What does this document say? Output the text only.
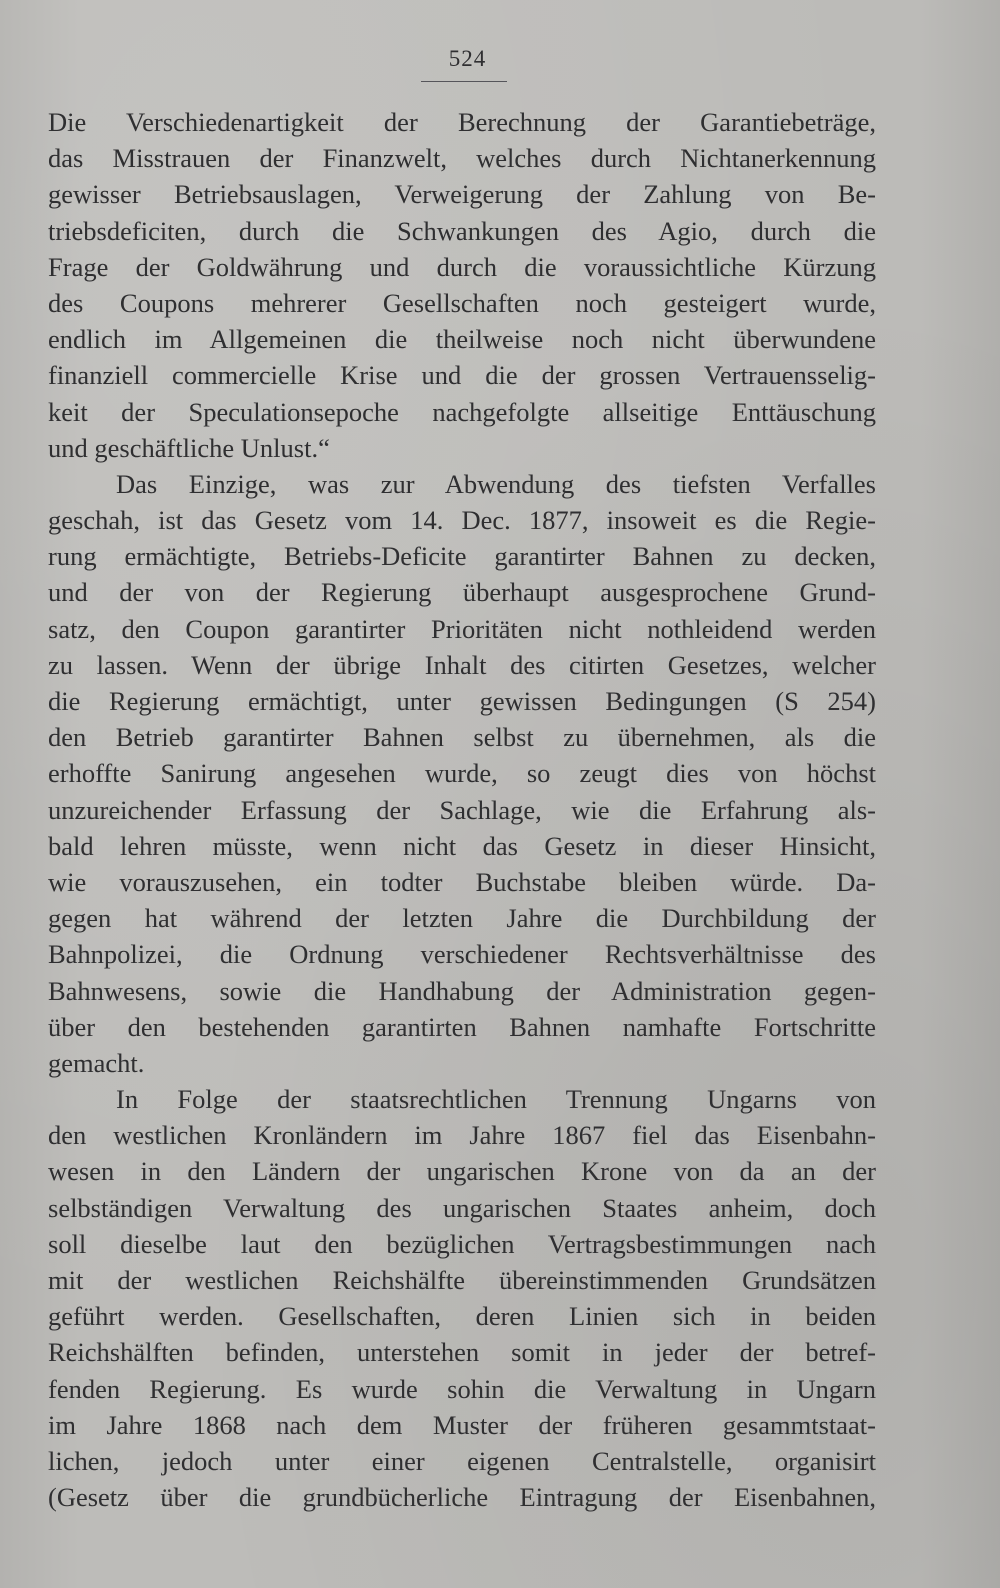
524
Die Verschiedenartigkeit der Berechnung der Garantiebeträge,
das Misstrauen der Finanzwelt, welches durch Nichtanerkennung
gewisser Betriebsauslagen, Verweigerung der Zahlung von Be-
triebsdeficiten, durch die Schwankungen des Agio, durch die
Frage der Goldwährung und durch die voraussichtliche Kürzung
des Coupons mehrerer Gesellschaften noch gesteigert wurde,
endlich im Allgemeinen die theilweise noch nicht überwundene
finanziell commercielle Krise und die der grossen Vertrauensselig-
keit der Speculationsepoche nachgefolgte allseitige Enttäuschung
und geschäftliche Unlust.“
Das Einzige, was zur Abwendung des tiefsten Verfalles
geschah, ist das Gesetz vom 14. Dec. 1877, insoweit es die Regie-
rung ermächtigte, Betriebs-Deficite garantirter Bahnen zu decken,
und der von der Regierung überhaupt ausgesprochene Grund-
satz, den Coupon garantirter Prioritäten nicht nothleidend werden
zu lassen. Wenn der übrige Inhalt des citirten Gesetzes, welcher
die Regierung ermächtigt, unter gewissen Bedingungen (S 254)
den Betrieb garantirter Bahnen selbst zu übernehmen, als die
erhoffte Sanirung angesehen wurde, so zeugt dies von höchst
unzureichender Erfassung der Sachlage, wie die Erfahrung als-
bald lehren müsste, wenn nicht das Gesetz in dieser Hinsicht,
wie vorauszusehen, ein todter Buchstabe bleiben würde. Da-
gegen hat während der letzten Jahre die Durchbildung der
Bahnpolizei, die Ordnung verschiedener Rechtsverhältnisse des
Bahnwesens, sowie die Handhabung der Administration gegen-
über den bestehenden garantirten Bahnen namhafte Fortschritte
gemacht.
In Folge der staatsrechtlichen Trennung Ungarns von
den westlichen Kronländern im Jahre 1867 fiel das Eisenbahn-
wesen in den Ländern der ungarischen Krone von da an der
selbständigen Verwaltung des ungarischen Staates anheim, doch
soll dieselbe laut den bezüglichen Vertragsbestimmungen nach
mit der westlichen Reichshälfte übereinstimmenden Grundsätzen
geführt werden. Gesellschaften, deren Linien sich in beiden
Reichshälften befinden, unterstehen somit in jeder der betref-
fenden Regierung. Es wurde sohin die Verwaltung in Ungarn
im Jahre 1868 nach dem Muster der früheren gesammtstaat-
lichen, jedoch unter einer eigenen Centralstelle, organisirt
(Gesetz über die grundbücherliche Eintragung der Eisenbahnen,
